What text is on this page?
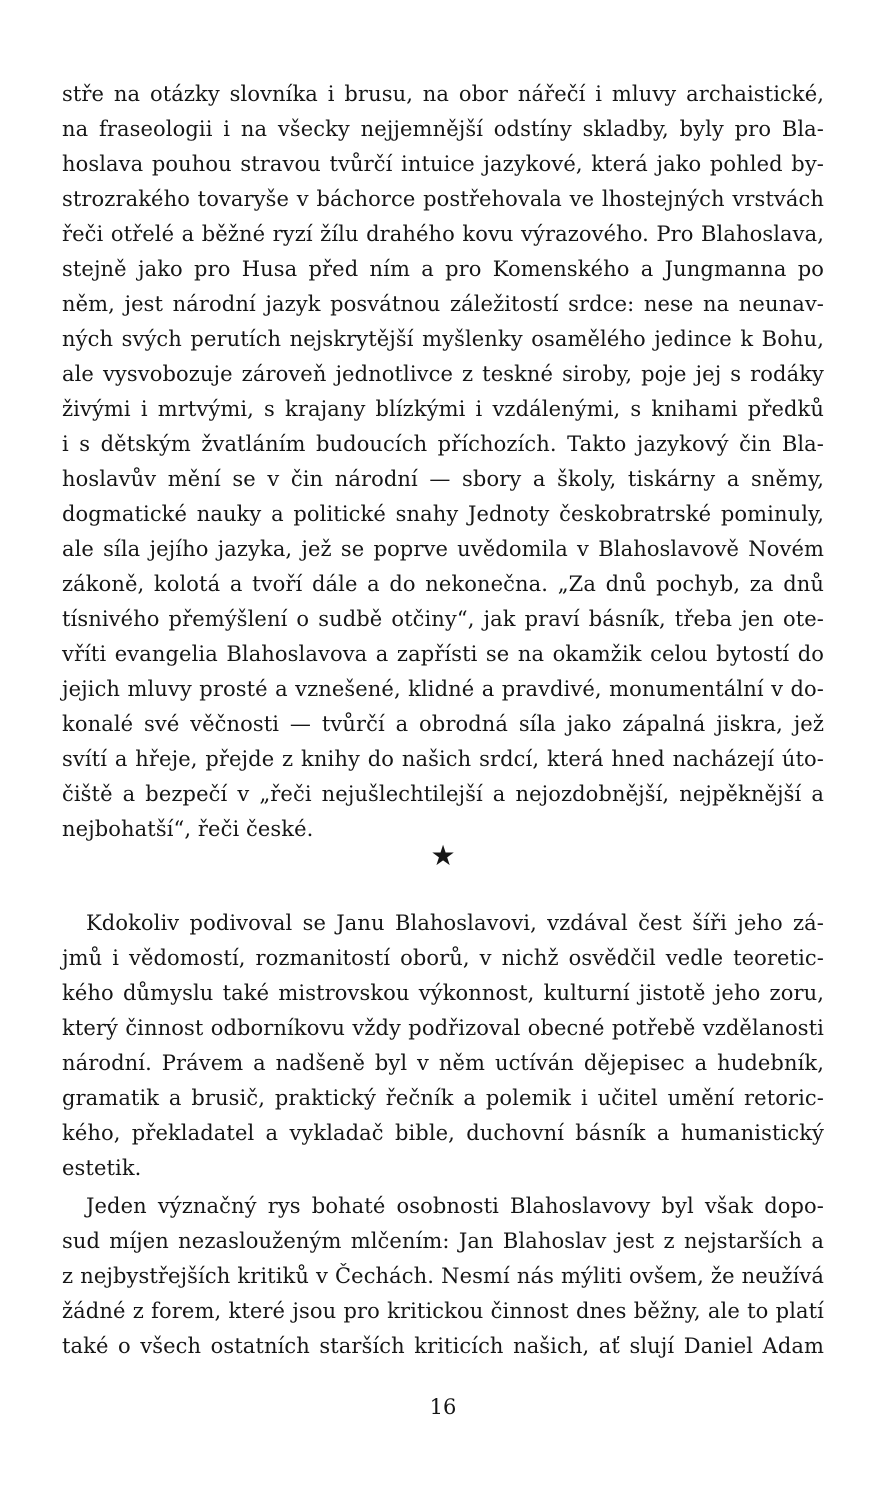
stře na otázky slovníka i brusu, na obor nářečí i mluvy archaistické,
na fraseologii i na všecky nejjemnější odstíny skladby, byly pro Bla-
hoslava pouhou stravou tvůrčí intuice jazykové, která jako pohled by-
strozrakého tovaryše v báchorce postřehovala ve lhostejných vrstvách
řeči otřelé a běžné ryzí žílu drahého kovu výrazového. Pro Blahoslava,
stejně jako pro Husa před ním a pro Komenského a Jungmanna po
něm, jest národní jazyk posvátnou záležitostí srdce: nese na neunav-
ných svých perutích nejskrytější myšlenky osamělého jedince k Bohu,
ale vysvobozuje zároveň jednotlivce z teskné siroby, poje jej s rodáky
živými i mrtvými, s krajany blízkými i vzdálenými, s knihami předků
i s dětským žvatláním budoucích příchozích. Takto jazykový čin Bla-
hoslavův mění se v čin národní — sbory a školy, tiskárny a sněmy,
dogmatické nauky a politické snahy Jednoty českobratrské pominuly,
ale síla jejího jazyka, jež se poprve uvědomila v Blahoslavově Novém
zákoně, kolotá a tvoří dále a do nekonečna. „Za dnů pochyb, za dnů
tísnivého přemýšlení o sudbě otčiny“, jak praví básník, třeba jen ote-
vříti evangelia Blahoslavova a zapřísti se na okamžik celou bytostí do
jejich mluvy prosté a vznešené, klidné a pravdivé, monumentální v do-
konalé své věčnosti — tvůrčí a obrodná síla jako zápalná jiskra, jež
svítí a hřeje, přejde z knihy do našich srdcí, která hned nacházejí úto-
čiště a bezpečí v „řeči nejušlechtilejší a nejozdobnější, nejpěknější a
nejbohatší“, řeči české.
★
Kdokoliv podivoval se Janu Blahoslavovi, vzdával čest šíři jeho zá-
jmů i vědomostí, rozmanitostí oborů, v nichž osvědčil vedle teoretic-
kého důmyslu také mistrovskou výkonnost, kulturní jistotě jeho zoru,
který činnost odborníkovu vždy podřizoval obecné potřebě vzdělanosti
národní. Právem a nadšeně byl v něm uctíván dějepisec a hudebník,
gramatik a brusič, praktický řečník a polemik i učitel umění retoric-
kého, překladatel a vykladač bible, duchovní básník a humanistický
estetik.
Jeden význačný rys bohaté osobnosti Blahoslavovy byl však dopo-
sud míjen nezaslouženým mlčením: Jan Blahoslav jest z nejstarších a
z nejbystřejších kritiků v Čechách. Nesmí nás mýliti ovšem, že neužívá
žádné z forem, které jsou pro kritickou činnost dnes běžny, ale to platí
také o všech ostatních starších kriticích našich, ať slují Daniel Adam
16
